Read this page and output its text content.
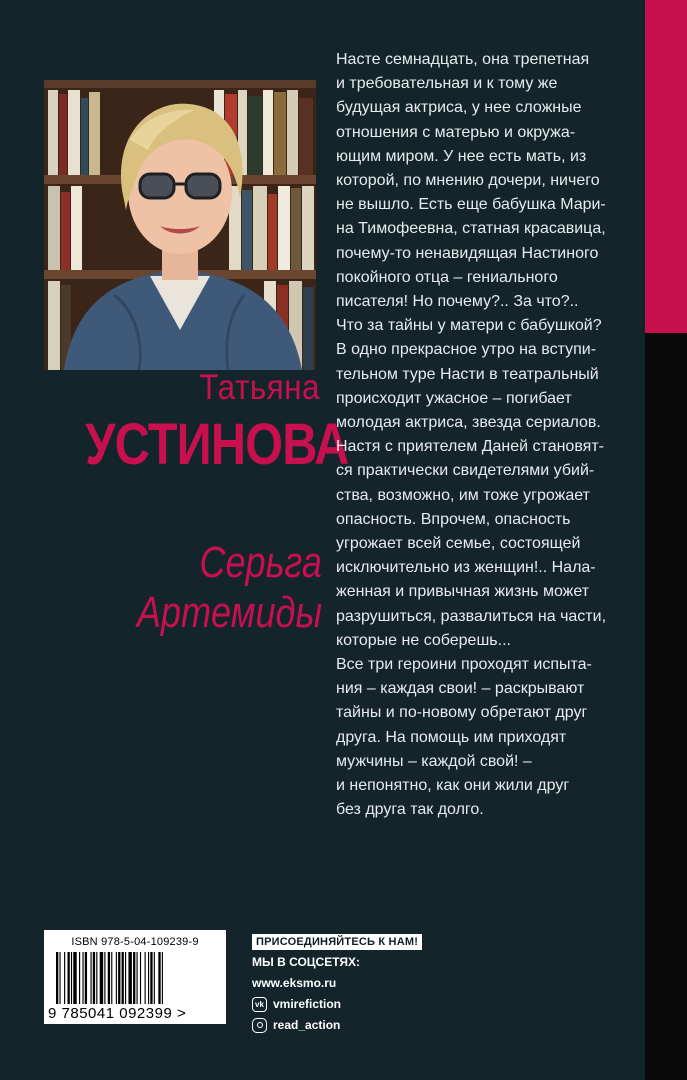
Татьяна
УСТИНОВА
Серьга
Артемиды
Насте семнадцать, она трепетная
и требовательная и к тому же
будущая актриса, у нее сложные
отношения с матерью и окружа-
ющим миром. У нее есть мать, из
которой, по мнению дочери, ничего
не вышло. Есть еще бабушка Мари-
на Тимофеевна, статная красавица,
почему-то ненавидящая Настиного
покойного отца – гениального
писателя! Но почему?.. За что?..
Что за тайны у матери с бабушкой?
В одно прекрасное утро на вступи-
тельном туре Насти в театральный
происходит ужасное – погибает
молодая актриса, звезда сериалов.
Настя с приятелем Даней становят-
ся практически свидетелями убий-
ства, возможно, им тоже угрожает
опасность. Впрочем, опасность
угрожает всей семье, состоящей
исключительно из женщин!.. Нала-
женная и привычная жизнь может
разрушиться, развалиться на части,
которые не соберешь...
Все три героини проходят испыта-
ния – каждая свои! – раскрывают
тайны и по-новому обретают друг
друга. На помощь им приходят
мужчины – каждой свой! –
и непонятно, как они жили друг
без друга так долго.
ISBN 978-5-04-109239-9
9 785041 092399 >
ПРИСОЕДИНЯЙТЕСЬ К НАМ!
МЫ В СОЦСЕТЯХ:
www.eksmo.ru
vk vmirefiction
read_action
